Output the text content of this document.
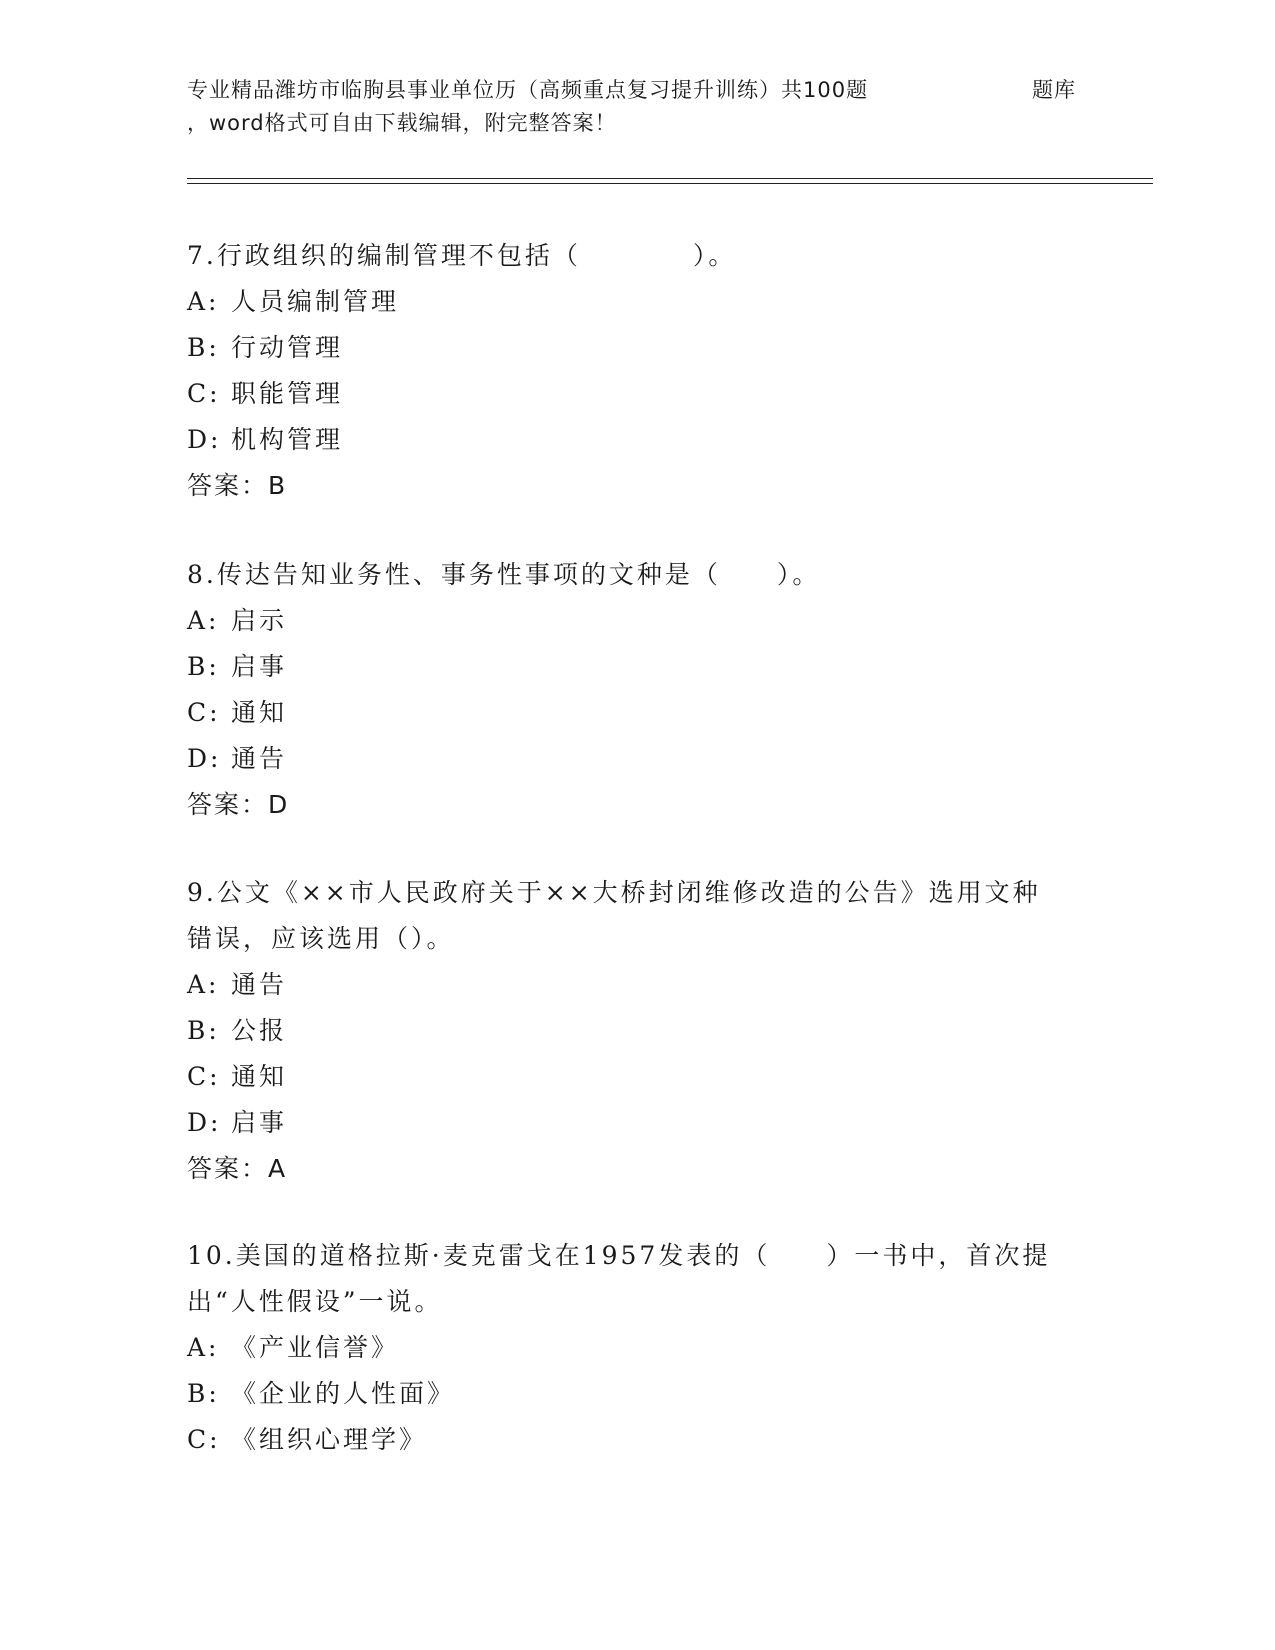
专业精品潍坊市临朐县事业单位历（高频重点复习提升训练）共100题	题库
，word格式可自由下载编辑，附完整答案！

7.行政组织的编制管理不包括（　　　　）。

A: 人员编制管理
B: 行动管理
C: 职能管理
D: 机构管理
答案：B

8.传达告知业务性、事务性事项的文种是（　　）。

A: 启示
B: 启事
C: 通知
D: 通告
答案：D

9.公文《××市人民政府关于××大桥封闭维修改造的公告》选用文种错误，应该选用（）。

A: 通告
B: 公报
C: 通知
D: 启事
答案：A

10.美国的道格拉斯·麦克雷戈在1957发表的（　　）一书中，首次提出“人性假设”一说。

A: 《产业信誉》
B: 《企业的人性面》
C: 《组织心理学》
